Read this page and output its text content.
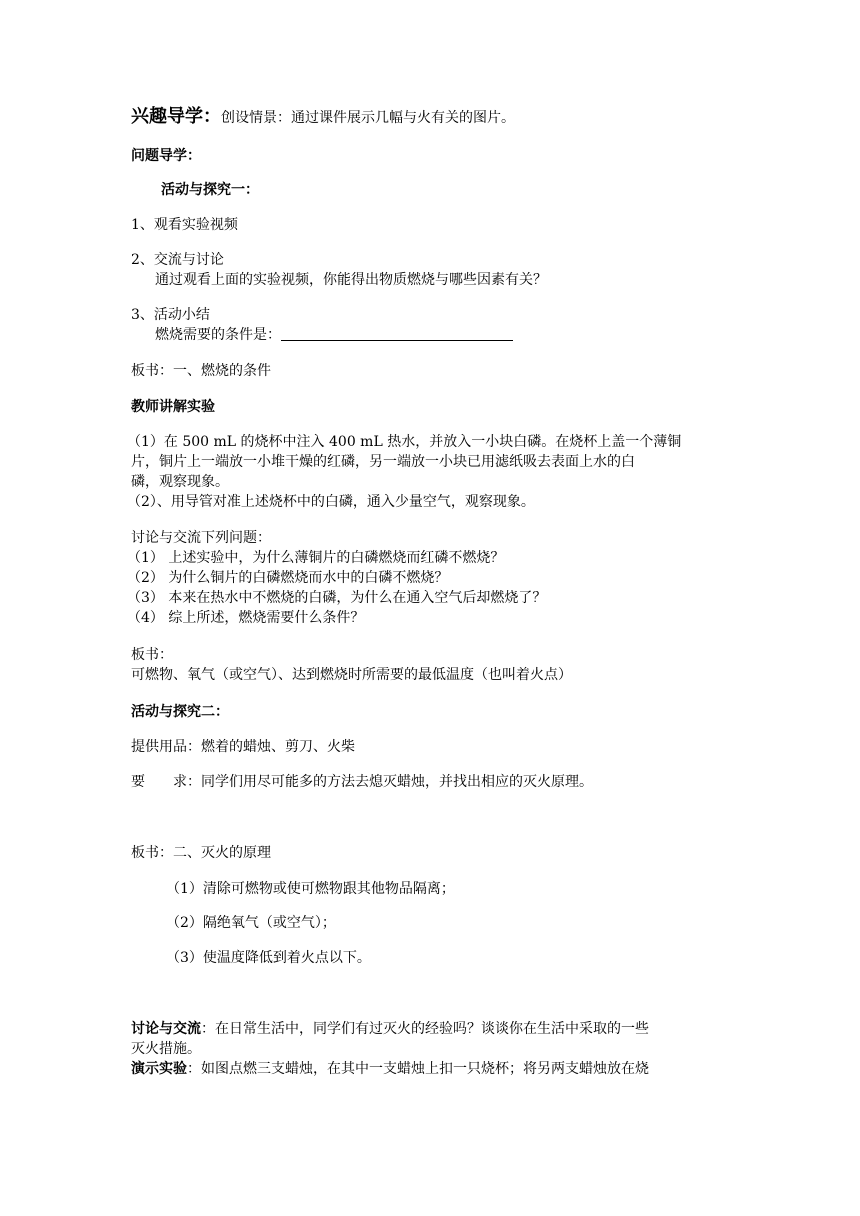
兴趣导学：创设情景：通过课件展示几幅与火有关的图片。
问题导学：
活动与探究一：
1、观看实验视频
2、交流与讨论
通过观看上面的实验视频，你能得出物质燃烧与哪些因素有关？
3、活动小结
燃烧需要的条件是：
板书：一、燃烧的条件
教师讲解实验
（1）在 500 mL 的烧杯中注入 400 mL 热水，并放入一小块白磷。在烧杯上盖一个薄铜
片，铜片上一端放一小堆干燥的红磷，另一端放一小块已用滤纸吸去表面上水的白
磷，观察现象。
（2）、用导管对准上述烧杯中的白磷，通入少量空气，观察现象。
讨论与交流下列问题：
（1） 上述实验中，为什么薄铜片的白磷燃烧而红磷不燃烧？
（2） 为什么铜片的白磷燃烧而水中的白磷不燃烧？
（3） 本来在热水中不燃烧的白磷，为什么在通入空气后却燃烧了？
（4） 综上所述，燃烧需要什么条件？
板书：
可燃物、氧气（或空气）、达到燃烧时所需要的最低温度（也叫着火点）
活动与探究二：
提供用品：燃着的蜡烛、剪刀、火柴
要　　求：同学们用尽可能多的方法去熄灭蜡烛，并找出相应的灭火原理。
板书：二、灭火的原理
（1）清除可燃物或使可燃物跟其他物品隔离；
（2）隔绝氧气（或空气）；
（3）使温度降低到着火点以下。
讨论与交流：在日常生活中，同学们有过灭火的经验吗？谈谈你在生活中采取的一些
灭火措施。
演示实验：如图点燃三支蜡烛，在其中一支蜡烛上扣一只烧杯；将另两支蜡烛放在烧
